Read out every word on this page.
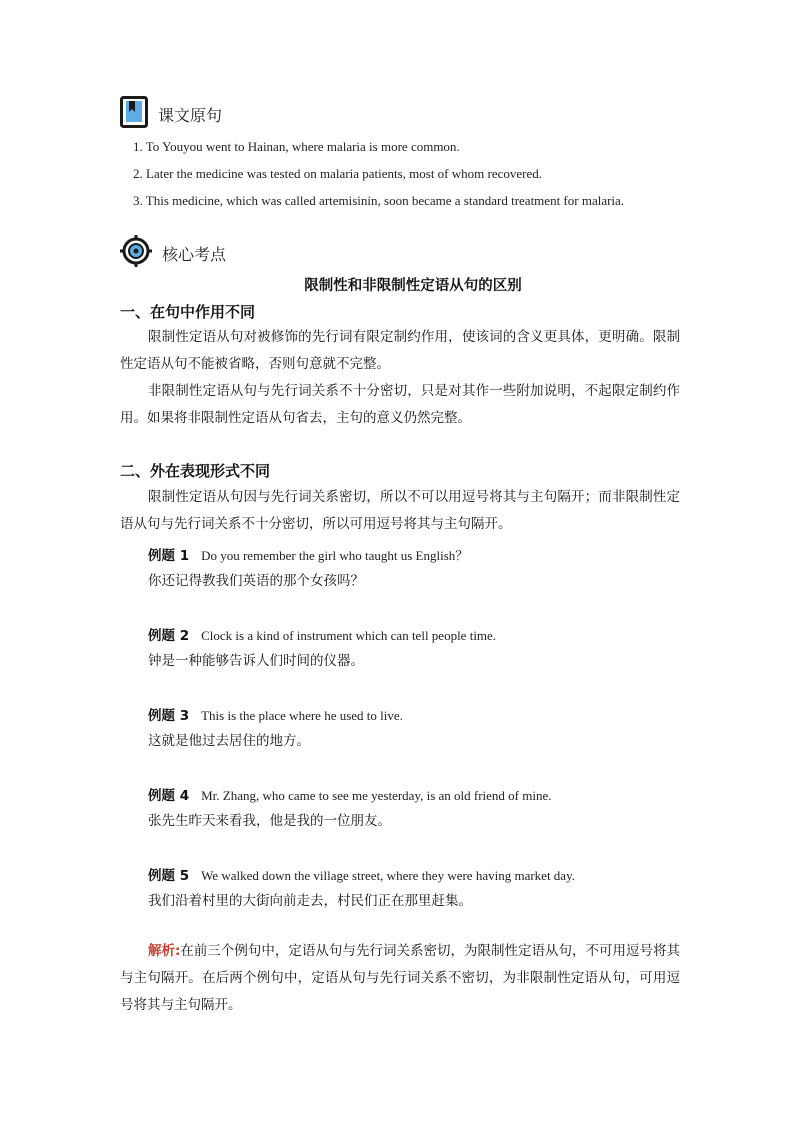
课文原句
1. To Youyou went to Hainan, where malaria is more common.
2. Later the medicine was tested on malaria patients, most of whom recovered.
3. This medicine, which was called artemisinin, soon became a standard treatment for malaria.
核心考点
限制性和非限制性定语从句的区别
一、在句中作用不同
限制性定语从句对被修饰的先行词有限定制约作用，使该词的含义更具体，更明确。限制性定语从句不能被省略，否则句意就不完整。
非限制性定语从句与先行词关系不十分密切，只是对其作一些附加说明，不起限定制约作用。如果将非限制性定语从句省去，主句的意义仍然完整。
二、外在表现形式不同
限制性定语从句因与先行词关系密切，所以不可以用逗号将其与主句隔开；而非限制性定语从句与先行词关系不十分密切，所以可用逗号将其与主句隔开。
例题 1 Do you remember the girl who taught us English？
你还记得教我们英语的那个女孩吗？
例题 2 Clock is a kind of instrument which can tell people time.
钟是一种能够告诉人们时间的仪器。
例题 3 This is the place where he used to live.
这就是他过去居住的地方。
例题 4 Mr. Zhang, who came to see me yesterday, is an old friend of mine.
张先生昨天来看我，他是我的一位朋友。
例题 5 We walked down the village street, where they were having market day.
我们沿着村里的大街向前走去，村民们正在那里赶集。
解析:在前三个例句中，定语从句与先行词关系密切，为限制性定语从句，不可用逗号将其与主句隔开。在后两个例句中，定语从句与先行词关系不密切，为非限制性定语从句，可用逗号将其与主句隔开。
